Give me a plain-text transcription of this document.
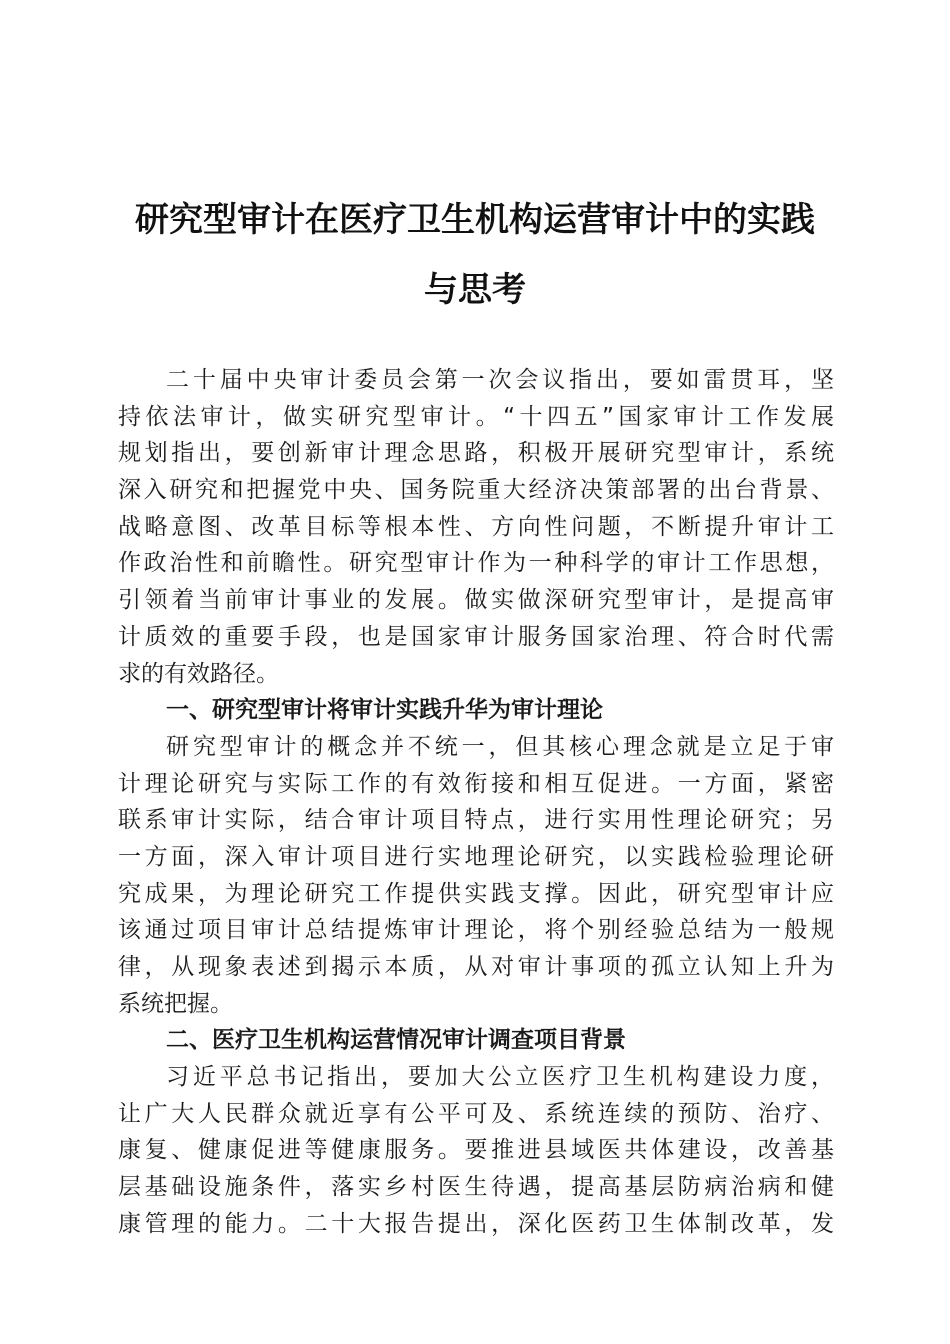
研究型审计在医疗卫生机构运营审计中的实践
与思考
二十届中央审计委员会第一次会议指出，要如雷贯耳，坚
持依法审计，做实研究型审计。“十四五”国家审计工作发展
规划指出，要创新审计理念思路，积极开展研究型审计，系统
深入研究和把握党中央、国务院重大经济决策部署的出台背景、
战略意图、改革目标等根本性、方向性问题，不断提升审计工
作政治性和前瞻性。研究型审计作为一种科学的审计工作思想，
引领着当前审计事业的发展。做实做深研究型审计，是提高审
计质效的重要手段，也是国家审计服务国家治理、符合时代需
求的有效路径。
一、研究型审计将审计实践升华为审计理论
研究型审计的概念并不统一，但其核心理念就是立足于审
计理论研究与实际工作的有效衔接和相互促进。一方面，紧密
联系审计实际，结合审计项目特点，进行实用性理论研究；另
一方面，深入审计项目进行实地理论研究，以实践检验理论研
究成果，为理论研究工作提供实践支撑。因此，研究型审计应
该通过项目审计总结提炼审计理论，将个别经验总结为一般规
律，从现象表述到揭示本质，从对审计事项的孤立认知上升为
系统把握。
二、医疗卫生机构运营情况审计调查项目背景
习近平总书记指出，要加大公立医疗卫生机构建设力度，
让广大人民群众就近享有公平可及、系统连续的预防、治疗、
康复、健康促进等健康服务。要推进县域医共体建设，改善基
层基础设施条件，落实乡村医生待遇，提高基层防病治病和健
康管理的能力。二十大报告提出，深化医药卫生体制改革，发
